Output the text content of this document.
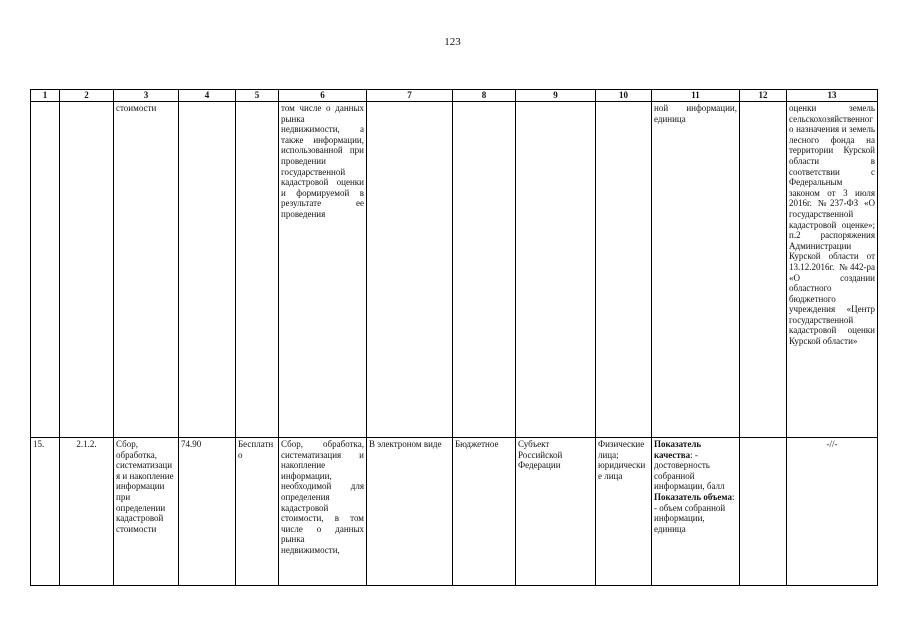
123
1	2	3	4	5	6	7	8	9	10	11	12	13
		стоимости			том числе о данных рынка недвижимости, а также информации, использованной при проведении государственной кадастровой оценки и формируемой в результате ее проведения					ной информации, единица		оценки земель сельскохозяйственного назначения и земель лесного фонда на территории Курской области в соответствии с Федеральным законом от 3 июля 2016г. №237-ФЗ «О государственной кадастровой оценке»; п.2 распоряжения Администрации Курской области от 13.12.2016г. №442-ра «О создании областного бюджетного учреждения «Центр государственной кадастровой оценки Курской области»
15.	2.1.2.	Сбор, обработка, систематизация и накопление информации при определении кадастровой стоимости	74.90	Бесплатно	Сбор, обработка, систематизация и накопление информации, необходимой для определения кадастровой стоимости, в том числе о данных рынка недвижимости,	В электроном виде	Бюджетное	Субъект Российской Федерации	Физические лица; юридические лица	Показатель качества: - достоверность собранной информации, балл Показатель объема: - объем собранной информации, единица		-//-
